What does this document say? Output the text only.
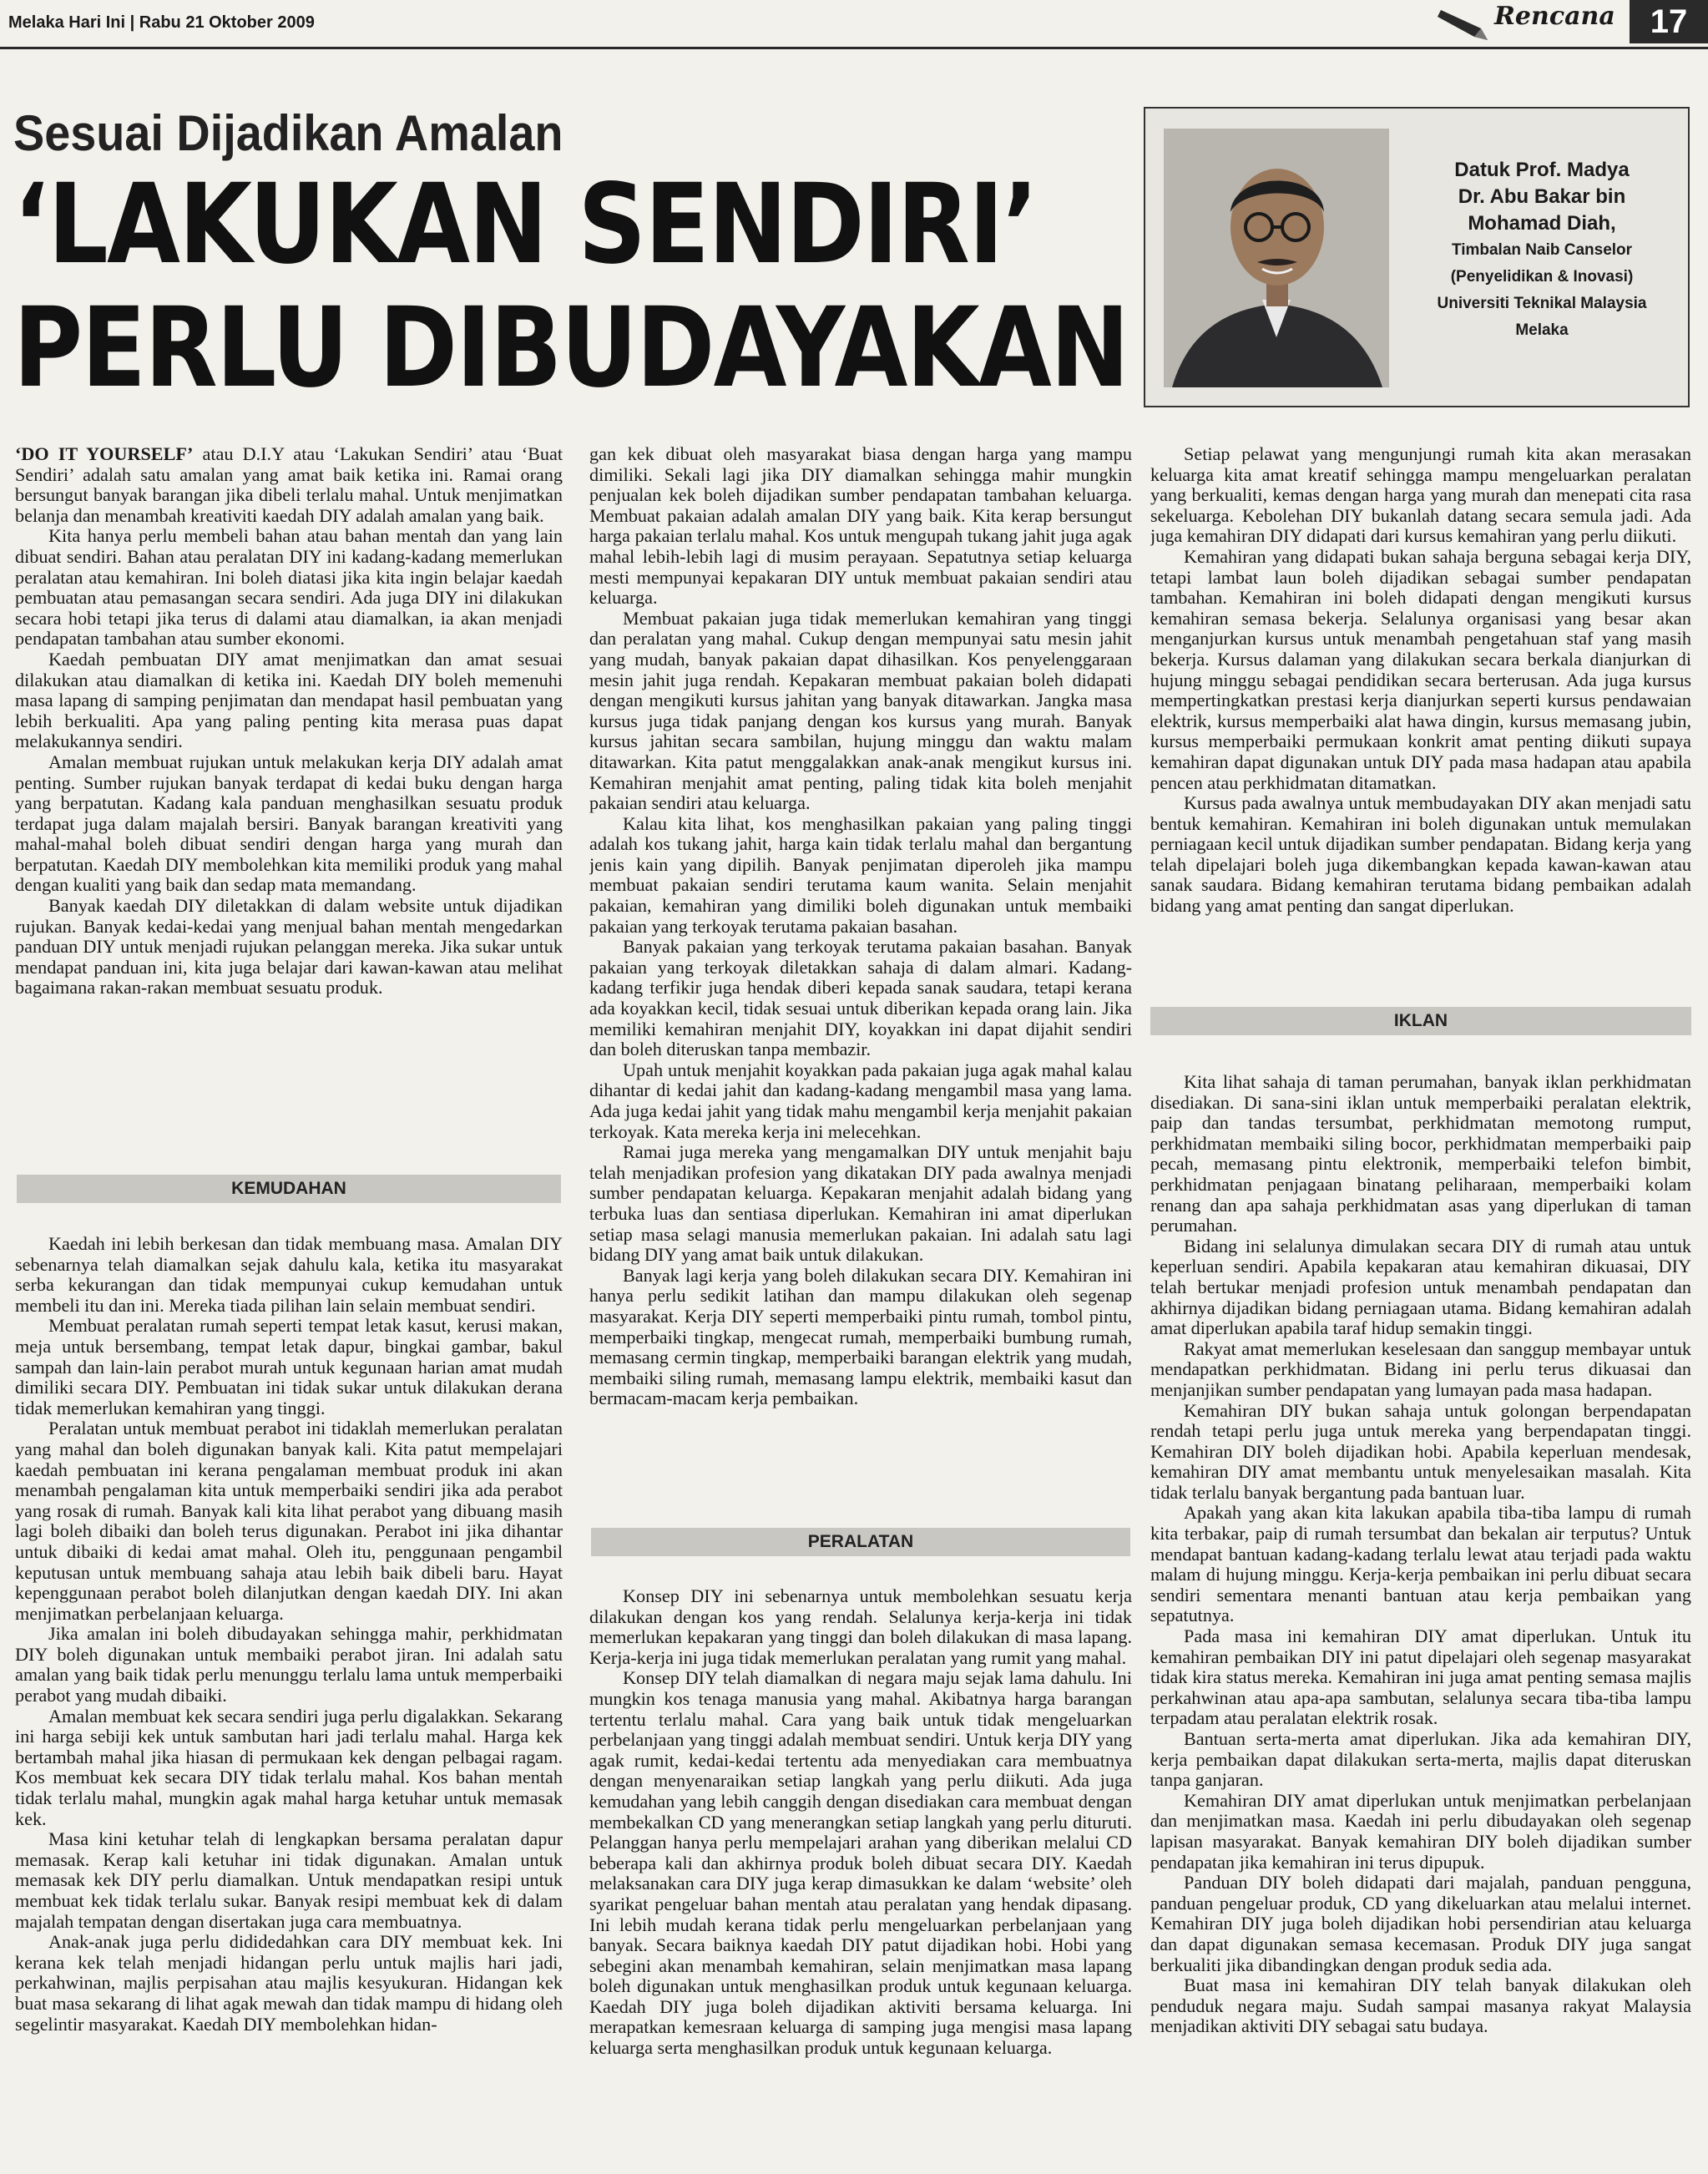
Melaka Hari Ini | Rabu 21 Oktober 2009	Rencana	17
Sesuai Dijadikan Amalan
‘LAKUKAN SENDIRI’
PERLU DIBUDAYAKAN
Datuk Prof. Madya
Dr. Abu Bakar bin
Mohamad Diah,
Timbalan Naib Canselor
(Penyelidikan & Inovasi)
Universiti Teknikal Malaysia
Melaka

‘DO IT YOURSELF’ atau D.I.Y atau ‘Lakukan Sendiri’ atau ‘Buat Sendiri’ adalah satu amalan yang amat baik ketika ini. Ramai orang bersungut banyak barangan jika dibeli terlalu mahal. Untuk menjimatkan belanja dan menambah kreativiti kaedah DIY adalah amalan yang baik.

Kita hanya perlu membeli bahan atau bahan mentah dan yang lain dibuat sendiri. Bahan atau peralatan DIY ini kadang-kadang memerlukan peralatan atau kemahiran. Ini boleh diatasi jika kita ingin belajar kaedah pembuatan atau pemasangan secara sendiri. Ada juga DIY ini dilakukan secara hobi tetapi jika terus di dalami atau diamalkan, ia akan menjadi pendapatan tambahan atau sumber ekonomi.

Kaedah pembuatan DIY amat menjimatkan dan amat sesuai dilakukan atau diamalkan di ketika ini. Kaedah DIY boleh memenuhi masa lapang di samping penjimatan dan mendapat hasil pembuatan yang lebih berkualiti. Apa yang paling penting kita merasa puas dapat melakukannya sendiri.

Amalan membuat rujukan untuk melakukan kerja DIY adalah amat penting. Sumber rujukan banyak terdapat di kedai buku dengan harga yang berpatutan. Kadang kala panduan menghasilkan sesuatu produk terdapat juga dalam majalah bersiri. Banyak barangan kreativiti yang mahal-mahal boleh dibuat sendiri dengan harga yang murah dan berpatutan. Kaedah DIY membolehkan kita memiliki produk yang mahal dengan kualiti yang baik dan sedap mata memandang.

Banyak kaedah DIY diletakkan di dalam website untuk dijadikan rujukan. Banyak kedai-kedai yang menjual bahan mentah mengedarkan panduan DIY untuk menjadi rujukan pelanggan mereka. Jika sukar untuk mendapat panduan ini, kita juga belajar dari kawan-kawan atau melihat bagaimana rakan-rakan membuat sesuatu produk.

KEMUDAHAN

Kaedah ini lebih berkesan dan tidak membuang masa. Amalan DIY sebenarnya telah diamalkan sejak dahulu kala, ketika itu masyarakat serba kekurangan dan tidak mempunyai cukup kemudahan untuk membeli itu dan ini. Mereka tiada pilihan lain selain membuat sendiri.

Membuat peralatan rumah seperti tempat letak kasut, kerusi makan, meja untuk bersembang, tempat letak dapur, bingkai gambar, bakul sampah dan lain-lain perabot murah untuk kegunaan harian amat mudah dimiliki secara DIY. Pembuatan ini tidak sukar untuk dilakukan derana tidak memerlukan kemahiran yang tinggi.

Peralatan untuk membuat perabot ini tidaklah memerlukan peralatan yang mahal dan boleh digunakan banyak kali. Kita patut mempelajari kaedah pembuatan ini kerana pengalaman membuat produk ini akan menambah pengalaman kita untuk memperbaiki sendiri jika ada perabot yang rosak di rumah. Banyak kali kita lihat perabot yang dibuang masih lagi boleh dibaiki dan boleh terus digunakan. Perabot ini jika dihantar untuk dibaiki di kedai amat mahal. Oleh itu, penggunaan pengambil keputusan untuk membuang sahaja atau lebih baik dibeli baru. Hayat kepenggunaan perabot boleh dilanjutkan dengan kaedah DIY. Ini akan menjimatkan perbelanjaan keluarga.

Jika amalan ini boleh dibudayakan sehingga mahir, perkhidmatan DIY boleh digunakan untuk membaiki perabot jiran. Ini adalah satu amalan yang baik tidak perlu menunggu terlalu lama untuk memperbaiki perabot yang mudah dibaiki.

Amalan membuat kek secara sendiri juga perlu digalakkan. Sekarang ini harga sebiji kek untuk sambutan hari jadi terlalu mahal. Harga kek bertambah mahal jika hiasan di permukaan kek dengan pelbagai ragam. Kos membuat kek secara DIY tidak terlalu mahal. Kos bahan mentah tidak terlalu mahal, mungkin agak mahal harga ketuhar untuk memasak kek.

Masa kini ketuhar telah di lengkapkan bersama peralatan dapur memasak. Kerap kali ketuhar ini tidak digunakan. Amalan untuk memasak kek DIY perlu diamalkan. Untuk mendapatkan resipi untuk membuat kek tidak terlalu sukar. Banyak resipi membuat kek di dalam majalah tempatan dengan disertakan juga cara membuatnya.

Anak-anak juga perlu dididedahkan cara DIY membuat kek. Ini kerana kek telah menjadi hidangan perlu untuk majlis hari jadi, perkahwinan, majlis perpisahan atau majlis kesyukuran. Hidangan kek buat masa sekarang di lihat agak mewah dan tidak mampu di hidang oleh segelintir masyarakat. Kaedah DIY membolehkan hidan-

gan kek dibuat oleh masyarakat biasa dengan harga yang mampu dimiliki. Sekali lagi jika DIY diamalkan sehingga mahir mungkin penjualan kek boleh dijadikan sumber pendapatan tambahan keluarga. Membuat pakaian adalah amalan DIY yang baik. Kita kerap bersungut harga pakaian terlalu mahal. Kos untuk mengupah tukang jahit juga agak mahal lebih-lebih lagi di musim perayaan. Sepatutnya setiap keluarga mesti mempunyai kepakaran DIY untuk membuat pakaian sendiri atau keluarga.

Membuat pakaian juga tidak memerlukan kemahiran yang tinggi dan peralatan yang mahal. Cukup dengan mempunyai satu mesin jahit yang mudah, banyak pakaian dapat dihasilkan. Kos penyelenggaraan mesin jahit juga rendah. Kepakaran membuat pakaian boleh didapati dengan mengikuti kursus jahitan yang banyak ditawarkan. Jangka masa kursus juga tidak panjang dengan kos kursus yang murah. Banyak kursus jahitan secara sambilan, hujung minggu dan waktu malam ditawarkan. Kita patut menggalakkan anak-anak mengikut kursus ini. Kemahiran menjahit amat penting, paling tidak kita boleh menjahit pakaian sendiri atau keluarga.

Kalau kita lihat, kos menghasilkan pakaian yang paling tinggi adalah kos tukang jahit, harga kain tidak terlalu mahal dan bergantung jenis kain yang dipilih. Banyak penjimatan diperoleh jika mampu membuat pakaian sendiri terutama kaum wanita. Selain menjahit pakaian, kemahiran yang dimiliki boleh digunakan untuk membaiki pakaian yang terkoyak terutama pakaian basahan.

Banyak pakaian yang terkoyak terutama pakaian basahan. Banyak pakaian yang terkoyak diletakkan sahaja di dalam almari. Kadang-kadang terfikir juga hendak diberi kepada sanak saudara, tetapi kerana ada koyakkan kecil, tidak sesuai untuk diberikan kepada orang lain. Jika memiliki kemahiran menjahit DIY, koyakkan ini dapat dijahit sendiri dan boleh diteruskan tanpa membazir.

Upah untuk menjahit koyakkan pada pakaian juga agak mahal kalau dihantar di kedai jahit dan kadang-kadang mengambil masa yang lama. Ada juga kedai jahit yang tidak mahu mengambil kerja menjahit pakaian terkoyak. Kata mereka kerja ini melecehkan.

Ramai juga mereka yang mengamalkan DIY untuk menjahit baju telah menjadikan profesion yang dikatakan DIY pada awalnya menjadi sumber pendapatan keluarga. Kepakaran menjahit adalah bidang yang terbuka luas dan sentiasa diperlukan. Kemahiran ini amat diperlukan setiap masa selagi manusia memerlukan pakaian. Ini adalah satu lagi bidang DIY yang amat baik untuk dilakukan.

Banyak lagi kerja yang boleh dilakukan secara DIY. Kemahiran ini hanya perlu sedikit latihan dan mampu dilakukan oleh segenap masyarakat. Kerja DIY seperti memperbaiki pintu rumah, tombol pintu, memperbaiki tingkap, mengecat rumah, memperbaiki bumbung rumah, memasang cermin tingkap, memperbaiki barangan elektrik yang mudah, membaiki siling rumah, memasang lampu elektrik, membaiki kasut dan bermacam-macam kerja pembaikan.

PERALATAN

Konsep DIY ini sebenarnya untuk membolehkan sesuatu kerja dilakukan dengan kos yang rendah. Selalunya kerja-kerja ini tidak memerlukan kepakaran yang tinggi dan boleh dilakukan di masa lapang. Kerja-kerja ini juga tidak memerlukan peralatan yang rumit yang mahal.

Konsep DIY telah diamalkan di negara maju sejak lama dahulu. Ini mungkin kos tenaga manusia yang mahal. Akibatnya harga barangan tertentu terlalu mahal. Cara yang baik untuk tidak mengeluarkan perbelanjaan yang tinggi adalah membuat sendiri. Untuk kerja DIY yang agak rumit, kedai-kedai tertentu ada menyediakan cara membuatnya dengan menyenaraikan setiap langkah yang perlu diikuti. Ada juga kemudahan yang lebih canggih dengan disediakan cara membuat dengan membekalkan CD yang menerangkan setiap langkah yang perlu dituruti. Pelanggan hanya perlu mempelajari arahan yang diberikan melalui CD beberapa kali dan akhirnya produk boleh dibuat secara DIY. Kaedah melaksanakan cara DIY juga kerap dimasukkan ke dalam ‘website’ oleh syarikat pengeluar bahan mentah atau peralatan yang hendak dipasang. Ini lebih mudah kerana tidak perlu mengeluarkan perbelanjaan yang banyak. Secara baiknya kaedah DIY patut dijadikan hobi. Hobi yang sebegini akan menambah kemahiran, selain menjimatkan masa lapang boleh digunakan untuk menghasilkan produk untuk kegunaan keluarga. Kaedah DIY juga boleh dijadikan aktiviti bersama keluarga. Ini merapatkan kemesraan keluarga di samping juga mengisi masa lapang keluarga serta menghasilkan produk untuk kegunaan keluarga.

Setiap pelawat yang mengunjungi rumah kita akan merasakan keluarga kita amat kreatif sehingga mampu mengeluarkan peralatan yang berkualiti, kemas dengan harga yang murah dan menepati cita rasa sekeluarga. Kebolehan DIY bukanlah datang secara semula jadi. Ada juga kemahiran DIY didapati dari kursus kemahiran yang perlu diikuti.

Kemahiran yang didapati bukan sahaja berguna sebagai kerja DIY, tetapi lambat laun boleh dijadikan sebagai sumber pendapatan tambahan. Kemahiran ini boleh didapati dengan mengikuti kursus kemahiran semasa bekerja. Selalunya organisasi yang besar akan menganjurkan kursus untuk menambah pengetahuan staf yang masih bekerja. Kursus dalaman yang dilakukan secara berkala dianjurkan di hujung minggu sebagai pendidikan secara berterusan. Ada juga kursus mempertingkatkan prestasi kerja dianjurkan seperti kursus pendawaian elektrik, kursus memperbaiki alat hawa dingin, kursus memasang jubin, kursus memperbaiki permukaan konkrit amat penting diikuti supaya kemahiran dapat digunakan untuk DIY pada masa hadapan atau apabila pencen atau perkhidmatan ditamatkan.

Kursus pada awalnya untuk membudayakan DIY akan menjadi satu bentuk kemahiran. Kemahiran ini boleh digunakan untuk memulakan perniagaan kecil untuk dijadikan sumber pendapatan. Bidang kerja yang telah dipelajari boleh juga dikembangkan kepada kawan-kawan atau sanak saudara. Bidang kemahiran terutama bidang pembaikan adalah bidang yang amat penting dan sangat diperlukan.

IKLAN

Kita lihat sahaja di taman perumahan, banyak iklan perkhidmatan disediakan. Di sana-sini iklan untuk memperbaiki peralatan elektrik, paip dan tandas tersumbat, perkhidmatan memotong rumput, perkhidmatan membaiki siling bocor, perkhidmatan memperbaiki paip pecah, memasang pintu elektronik, memperbaiki telefon bimbit, perkhidmatan penjagaan binatang peliharaan, memperbaiki kolam renang dan apa sahaja perkhidmatan asas yang diperlukan di taman perumahan.

Bidang ini selalunya dimulakan secara DIY di rumah atau untuk keperluan sendiri. Apabila kepakaran atau kemahiran dikuasai, DIY telah bertukar menjadi profesion untuk menambah pendapatan dan akhirnya dijadikan bidang perniagaan utama. Bidang kemahiran adalah amat diperlukan apabila taraf hidup semakin tinggi.

Rakyat amat memerlukan keselesaan dan sanggup membayar untuk mendapatkan perkhidmatan. Bidang ini perlu terus dikuasai dan menjanjikan sumber pendapatan yang lumayan pada masa hadapan.

Kemahiran DIY bukan sahaja untuk golongan berpendapatan rendah tetapi perlu juga untuk mereka yang berpendapatan tinggi. Kemahiran DIY boleh dijadikan hobi. Apabila keperluan mendesak, kemahiran DIY amat membantu untuk menyelesaikan masalah. Kita tidak terlalu banyak bergantung pada bantuan luar.

Apakah yang akan kita lakukan apabila tiba-tiba lampu di rumah kita terbakar, paip di rumah tersumbat dan bekalan air terputus? Untuk mendapat bantuan kadang-kadang terlalu lewat atau terjadi pada waktu malam di hujung minggu. Kerja-kerja pembaikan ini perlu dibuat secara sendiri sementara menanti bantuan atau kerja pembaikan yang sepatutnya.

Pada masa ini kemahiran DIY amat diperlukan. Untuk itu kemahiran pembaikan DIY ini patut dipelajari oleh segenap masyarakat tidak kira status mereka. Kemahiran ini juga amat penting semasa majlis perkahwinan atau apa-apa sambutan, selalunya secara tiba-tiba lampu terpadam atau peralatan elektrik rosak.

Bantuan serta-merta amat diperlukan. Jika ada kemahiran DIY, kerja pembaikan dapat dilakukan serta-merta, majlis dapat diteruskan tanpa ganjaran.

Kemahiran DIY amat diperlukan untuk menjimatkan perbelanjaan dan menjimatkan masa. Kaedah ini perlu dibudayakan oleh segenap lapisan masyarakat. Banyak kemahiran DIY boleh dijadikan sumber pendapatan jika kemahiran ini terus dipupuk.

Panduan DIY boleh didapati dari majalah, panduan pengguna, panduan pengeluar produk, CD yang dikeluarkan atau melalui internet. Kemahiran DIY juga boleh dijadikan hobi persendirian atau keluarga dan dapat digunakan semasa kecemasan. Produk DIY juga sangat berkualiti jika dibandingkan dengan produk sedia ada.

Buat masa ini kemahiran DIY telah banyak dilakukan oleh penduduk negara maju. Sudah sampai masanya rakyat Malaysia menjadikan aktiviti DIY sebagai satu budaya.
